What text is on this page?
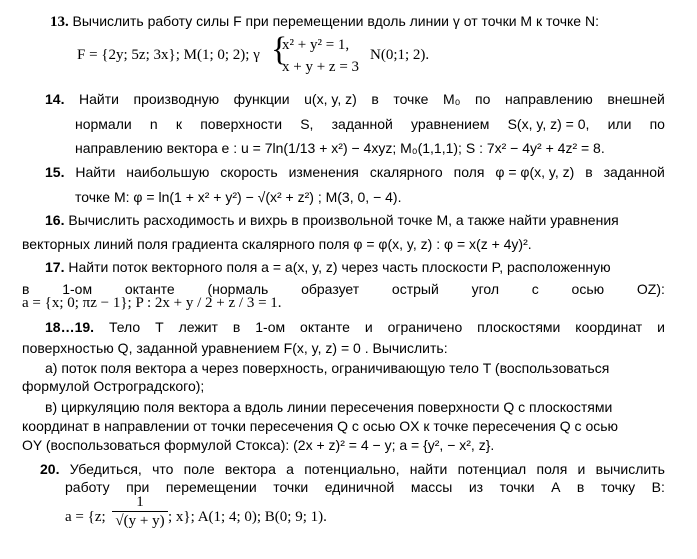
13. Вычислить работу силы F при перемещении вдоль линии γ от точки M к точке N:
F = {2y; 5z; 3x}; M(1; 0; 2); γ {
x² + y² = 1,
x + y + z = 3
N(0;1; 2).
14. Найти производную функции u(x, y, z) в точке M₀ по направлению внешней
нормали n к поверхности S, заданной уравнением S(x, y, z) = 0, или по
направлению вектора e : u = 7ln(1/13 + x²) − 4xyz; M₀(1,1,1); S : 7x² − 4y² + 4z² = 8.
15. Найти наибольшую скорость изменения скалярного поля φ = φ(x, y, z) в заданной
точке M: φ = ln(1 + x² + y²) − √(x² + z²) ; M(3, 0, − 4).
16. Вычислить расходимость и вихрь в произвольной точке M, а также найти уравнения
векторных линий поля градиента скалярного поля φ = φ(x, y, z) : φ = x(z + 4y)².
17. Найти поток векторного поля a = a(x, y, z) через часть плоскости P, расположенную
в 1-ом октанте (нормаль образует острый угол с осью OZ):
a = {x; 0; πz − 1}; P : 2x + y / 2 + z / 3 = 1.
18…19. Тело T лежит в 1-ом октанте и ограничено плоскостями координат и
поверхностью Q, заданной уравнением F(x, y, z) = 0 . Вычислить:
а) поток поля вектора a через поверхность, ограничивающую тело T (воспользоваться
формулой Остроградского);
в) циркуляцию поля вектора a вдоль линии пересечения поверхности Q с плоскостями
координат в направлении от точки пересечения Q с осью OX к точке пересечения Q с осью
OY (воспользоваться формулой Стокса): (2x + z)² = 4 − y; a = {y², − x², z}.
20. Убедиться, что поле вектора a потенциально, найти потенциал поля и вычислить
работу при перемещении точки единичной массы из точки A в точку B:
a = {z; $\frac{1}{√(y + y)}$ ; x}; A(1; 4; 0); B(0; 9; 1).
